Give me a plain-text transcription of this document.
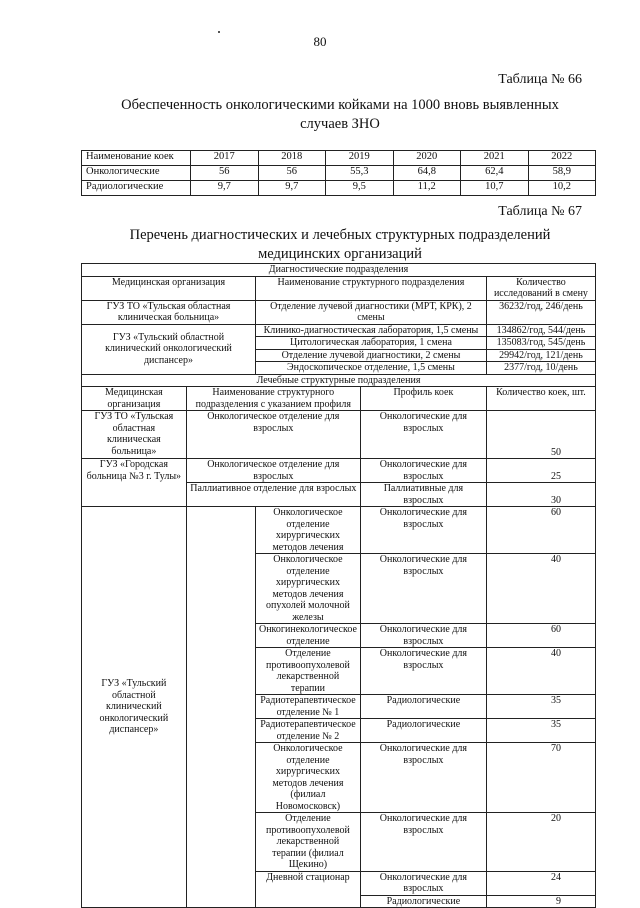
80
Таблица № 66
Обеспеченность онкологическими койками на 1000 вновь выявленных
случаев ЗНО
Наименование коек	2017	2018	2019	2020	2021	2022
Онкологические	56	56	55,3	64,8	62,4	58,9
Радиологические	9,7	9,7	9,5	11,2	10,7	10,2
Таблица № 67
Перечень диагностических и лечебных структурных подразделений
медицинских организаций
Диагностические подразделения				
Медицинская организация		Наименование структурного подразделения		Количество исследований в смену
ГУЗ ТО «Тульская областная клиническая больница»		Отделение лучевой диагностики (МРТ, КРК), 2 смены		36232/год, 246/день
ГУЗ «Тульский областной клинический онкологический диспансер»		Клинико-диагностическая лаборатория, 1,5 смены		134862/год, 544/день
		Цитологическая лаборатория, 1 смена		135083/год, 545/день
		Отделение лучевой диагностики, 2 смены		29942/год, 121/день
		Эндоскопическое отделение, 1,5 смены		2377/год, 10/день
Лечебные структурные подразделения				
Медицинская организация	Наименование структурного подразделения с указанием профиля		Профиль коек	Количество коек, шт.
ГУЗ ТО «Тульская областная клиническая больница»	Онкологическое отделение для взрослых		Онкологические для взрослых	50
ГУЗ «Городская больница №3 г. Тулы»	Онкологическое отделение для взрослых		Онкологические для взрослых	25
	Паллиативное отделение для взрослых		Паллиативные для взрослых	30
ГУЗ «Тульский областной клинический онкологический диспансер»		Онкологическое отделение хирургических методов лечения	Онкологические для взрослых	60
		Онкологическое отделение хирургических методов лечения опухолей молочной железы	Онкологические для взрослых	40
		Онкогинекологическое отделение	Онкологические для взрослых	60
		Отделение противоопухолевой лекарственной терапии	Онкологические для взрослых	40
		Радиотерапевтическое отделение № 1	Радиологические	35
		Радиотерапевтическое отделение № 2	Радиологические	35
		Онкологическое отделение хирургических методов лечения (филиал Новомосковск)	Онкологические для взрослых	70
		Отделение противоопухолевой лекарственной терапии (филиал Щекино)	Онкологические для взрослых	20
		Дневной стационар	Онкологические для взрослых	24
			Радиологические	9
